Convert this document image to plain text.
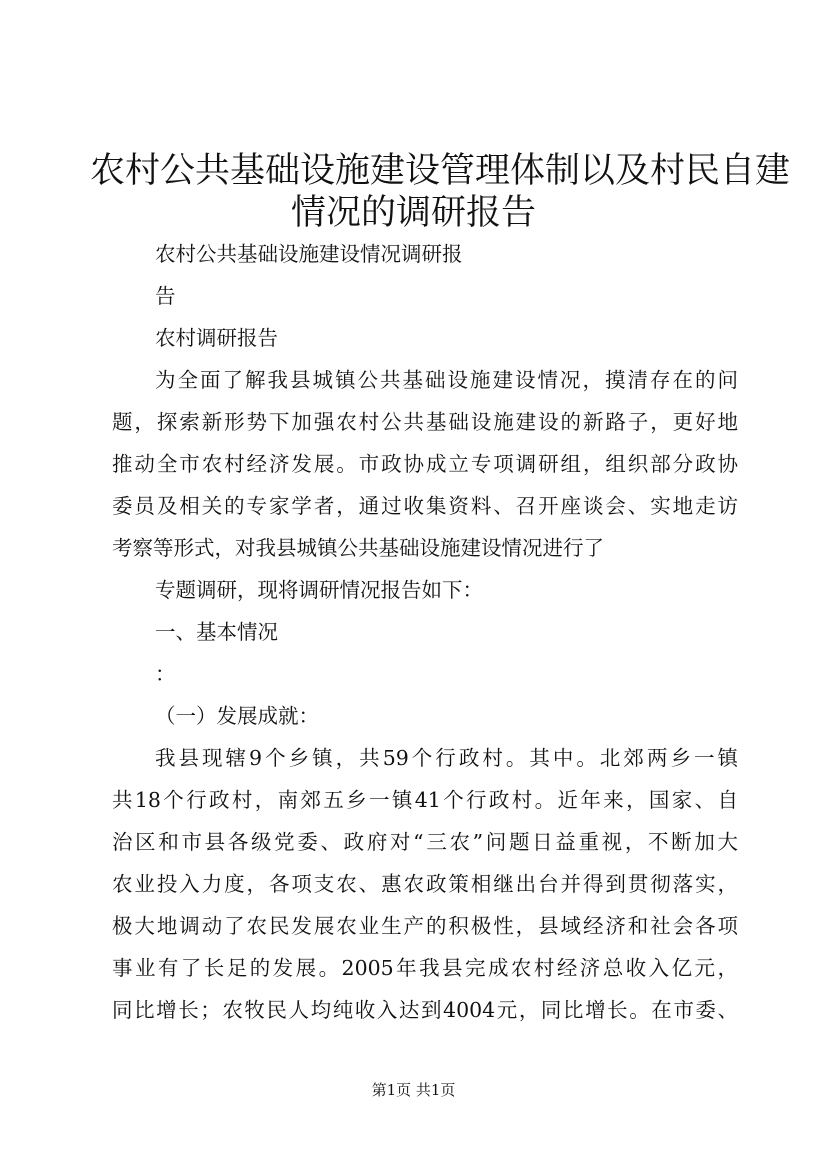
农村公共基础设施建设管理体制以及村民自建
情况的调研报告

农村公共基础设施建设情况调研报

告

农村调研报告

为全面了解我县城镇公共基础设施建设情况，摸清存在的问

题，探索新形势下加强农村公共基础设施建设的新路子，更好地

推动全市农村经济发展。市政协成立专项调研组，组织部分政协

委员及相关的专家学者，通过收集资料、召开座谈会、实地走访

考察等形式，对我县城镇公共基础设施建设情况进行了

专题调研，现将调研情况报告如下：

一、基本情况

：

（一）发展成就：

我县现辖9个乡镇，共59个行政村。其中。北郊两乡一镇

共18个行政村，南郊五乡一镇41个行政村。近年来，国家、自

治区和市县各级党委、政府对“三农”问题日益重视，不断加大

农业投入力度，各项支农、惠农政策相继出台并得到贯彻落实，

极大地调动了农民发展农业生产的积极性，县域经济和社会各项

事业有了长足的发展。2005年我县完成农村经济总收入亿元，

同比增长；农牧民人均纯收入达到4004元，同比增长。在市委、

第1页 共1页
